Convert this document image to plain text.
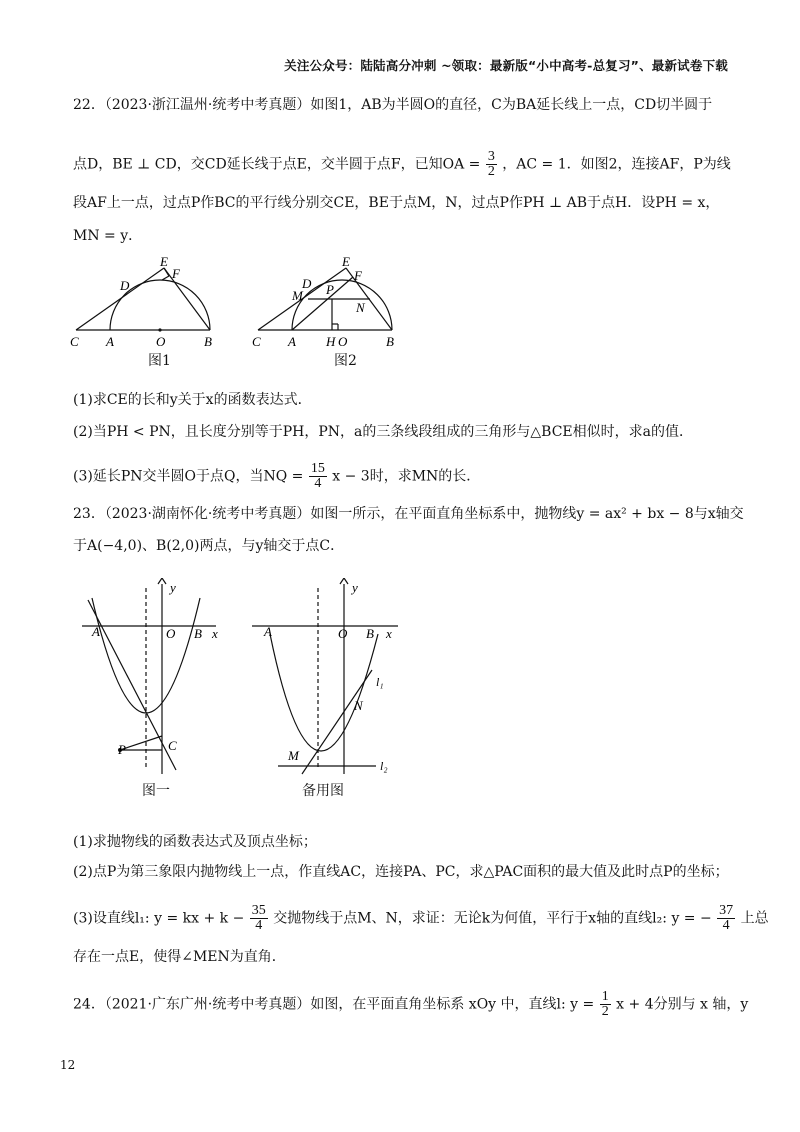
关注公众号：陆陆高分冲刺 ~领取：最新版“小中高考-总复习”、最新试卷下载
22．（2023·浙江温州·统考中考真题）如图1，AB为半圆O的直径，C为BA延长线上一点，CD切半圆于
点D，BE ⊥ CD，交CD延长线于点E，交半圆于点F，已知OA = $\frac{3}{2}$ ，AC = 1．如图2，连接AF，P为线
段AF上一点，过点P作BC的平行线分别交CE，BE于点M，N，过点P作PH ⊥ AB于点H．设PH = x，
MN = y．
E
F
D
C A	O	B
图1
E
F
D
M P
N
C A H O	B
图2
(1)求CE的长和y关于x的函数表达式．
(2)当PH < PN，且长度分别等于PH，PN，a的三条线段组成的三角形与△BCE相似时，求a的值．
(3)延长PN交半圆O于点Q，当NQ = $\frac{15}{4}$ x − 3时，求MN的长．
23．（2023·湖南怀化·统考中考真题）如图一所示，在平面直角坐标系中，抛物线y = ax² + bx − 8与x轴交
于A(−4,0)、B(2,0)两点，与y轴交于点C．
A	O B x
y
P	C
图一
A	O B x
y
M
N
l₁
l₂
备用图
(1)求抛物线的函数表达式及顶点坐标；
(2)点P为第三象限内抛物线上一点，作直线AC，连接PA、PC，求△PAC面积的最大值及此时点P的坐标；
(3)设直线l₁: y = kx + $k - \frac{35}{4}$ 交抛物线于点M、N，求证：无论k为何值，平行于x轴的直线l₂: y = − $\frac{37}{4}$ 上总
存在一点E，使得∠MEN为直角．
24．（2021·广东广州·统考中考真题）如图，在平面直角坐标系 xOy 中，直线l: $y = \frac{1}{2}$ x + 4分别与 x 轴，y
12
